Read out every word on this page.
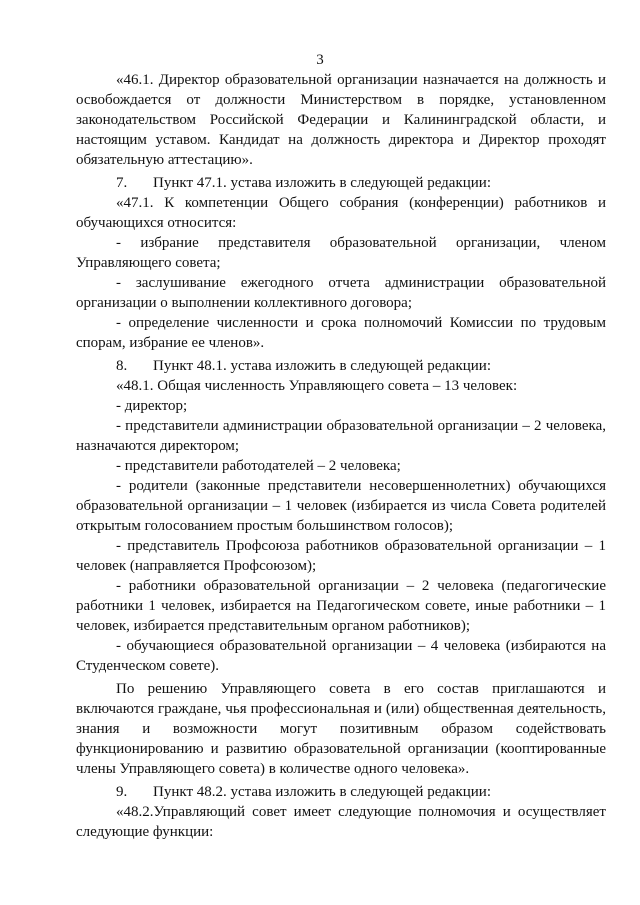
3

«46.1. Директор образовательной организации назначается на должность и освобождается от должности Министерством в порядке, установленном законодательством Российской Федерации и Калининградской области, и настоящим уставом. Кандидат на должность директора и Директор проходят обязательную аттестацию».

7. Пункт 47.1. устава изложить в следующей редакции:

«47.1. К компетенции Общего собрания (конференции) работников и обучающихся относится:

- избрание представителя образовательной организации, членом Управляющего совета;

- заслушивание ежегодного отчета администрации образовательной организации о выполнении коллективного договора;

- определение численности и срока полномочий Комиссии по трудовым спорам, избрание ее членов».

8. Пункт 48.1. устава изложить в следующей редакции:

«48.1. Общая численность Управляющего совета – 13 человек:

- директор;

- представители администрации образовательной организации – 2 человека, назначаются директором;

- представители работодателей – 2 человека;

- родители (законные представители несовершеннолетних) обучающихся образовательной организации – 1 человек (избирается из числа Совета родителей открытым голосованием простым большинством голосов);

- представитель Профсоюза работников образовательной организации – 1 человек (направляется Профсоюзом);

- работники образовательной организации – 2 человека (педагогические работники 1 человек, избирается на Педагогическом совете, иные работники – 1 человек, избирается представительным органом работников);

- обучающиеся образовательной организации – 4 человека (избираются на Студенческом совете).

По решению Управляющего совета в его состав приглашаются и включаются граждане, чья профессиональная и (или) общественная деятельность, знания и возможности могут позитивным образом содействовать функционированию и развитию образовательной организации (кооптированные члены Управляющего совета) в количестве одного человека».

9. Пункт 48.2. устава изложить в следующей редакции:

«48.2.Управляющий совет имеет следующие полномочия и осуществляет следующие функции:
